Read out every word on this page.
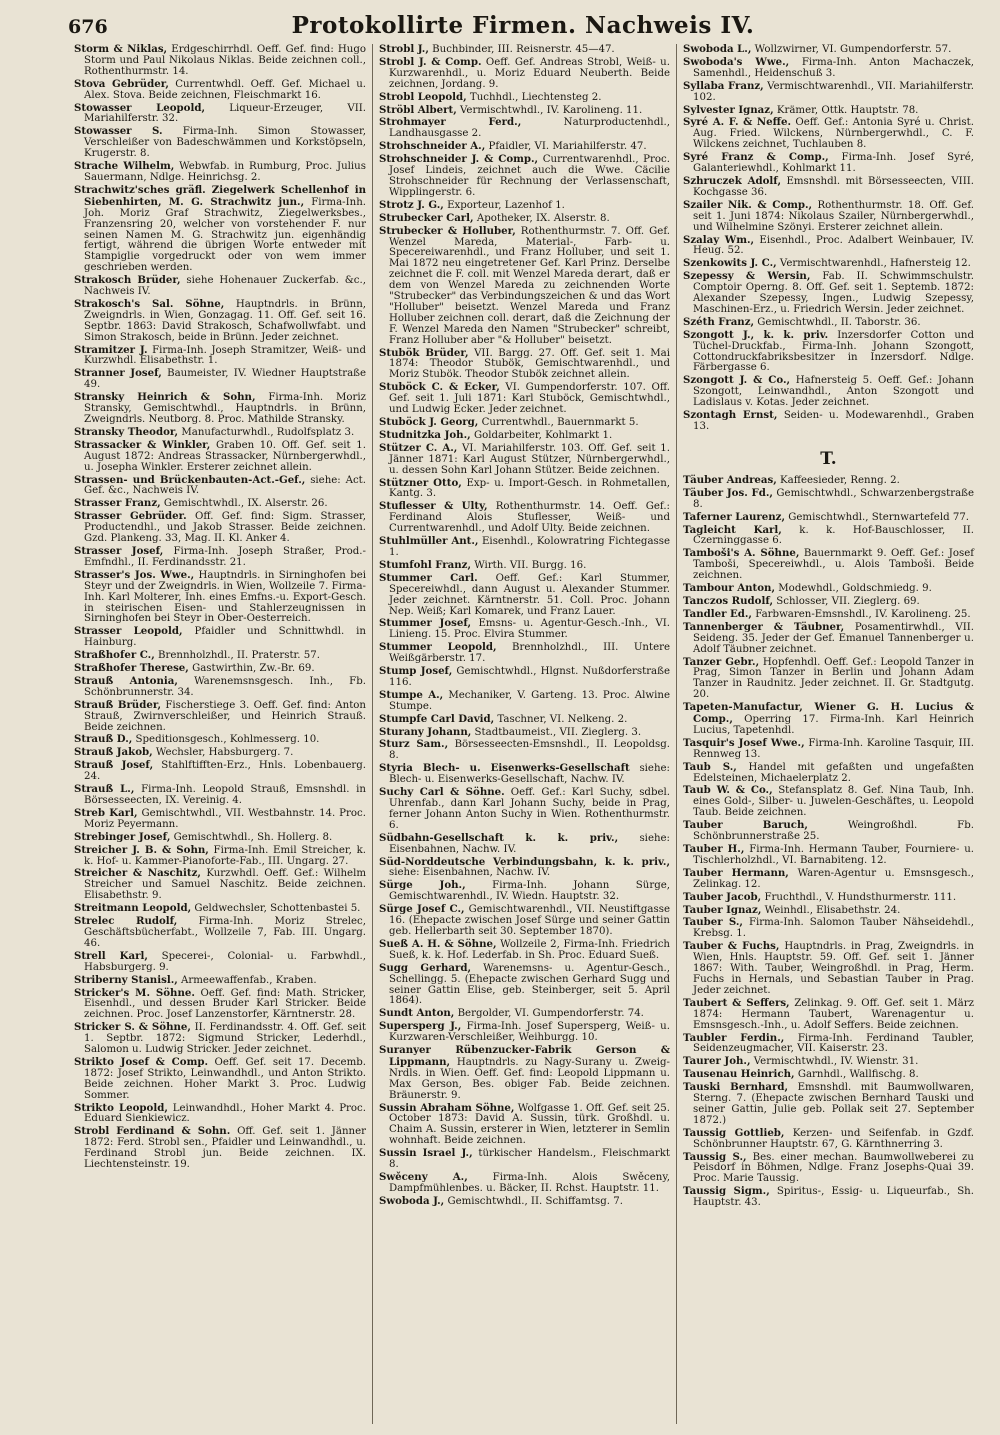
676	Protokollirte Firmen. Nachweis IV.
Storm & Niklas, Erdgeschirrhdl. Oeff. Gef. find: Hugo Storm und Paul Nikolaus Niklas. Beide zeichnen coll., Rothenthurmstr. 14.
Stova Gebrüder, Currentwhdl. Oeff. Gef. Michael u. Alex. Stova. Beide zeichnen, Fleischmarkt 16.
Stowasser Leopold, Liqueur-Erzeuger, VII. Mariahilferstr. 32.
Stowasser S. Firma-Inh. Simon Stowasser, Verschleißer von Badeschwämmen und Korkstöpseln, Krugerstr. 8.
Strache Wilhelm, Webwfab. in Rumburg, Proc. Julius Sauermann, Ndlge. Heinrichsg. 2.
Strachwitz'sches gräfl. Ziegelwerk Schellenhof in Siebenhirten, M. G. Strachwitz jun., Firma-Inh. Joh. Moriz Graf Strachwitz, Ziegelwerksbes., Franzensring 20, welcher von vorstehender F. nur seinen Namen M. G. Strachwitz jun. eigenhändig fertigt, während die übrigen Worte entweder mit Stampiglie vorgedruckt oder von wem immer geschrieben werden.
Strakosch Brüder, siehe Hohenauer Zuckerfab. &c., Nachweis IV.
Strakosch's Sal. Söhne, Hauptndrls. in Brünn, Zweigndrls. in Wien, Gonzagag. 11. Off. Gef. seit 16. Septbr. 1863: David Strakosch, Schafwollwfabt. und Simon Strakosch, beide in Brünn. Jeder zeichnet.
Stramitzer J. Firma-Inh. Joseph Stramitzer, Weiß- und Kurzwhdl. Elisabethstr. 1.
Stranner Josef, Baumeister, IV. Wiedner Hauptstraße 49.
Stransky Heinrich & Sohn, Firma-Inh. Moriz Stransky, Gemischtwhdl., Hauptndrls. in Brünn, Zweigndrls. Neutborg. 8. Proc. Mathilde Stransky.
Stransky Theodor, Manufacturwhdl., Rudolfsplatz 3.
Strassacker & Winkler, Graben 10. Off. Gef. seit 1. August 1872: Andreas Strassacker, Nürnbergerwhdl., u. Josepha Winkler. Ersterer zeichnet allein.
Strassen- und Brückenbauten-Act.-Gef., siehe: Act. Gef. &c., Nachweis IV.
Strasser Franz, Gemischtwhdl., IX. Alserstr. 26.
Strasser Gebrüder. Off. Gef. find: Sigm. Strasser, Productendhl., und Jakob Strasser. Beide zeichnen. Gzd. Plankeng. 33, Mag. II. Kl. Anker 4.
Strasser Josef, Firma-Inh. Joseph Straßer, Prod.-Emfndhl., II. Ferdinandsstr. 21.
Strasser's Jos. Wwe., Hauptndrls. in Sirninghofen bei Steyr und der Zweigndrls. in Wien, Wollzeile 7. Firma-Inh. Karl Molterer, Inh. eines Emfns.-u. Export-Gesch. in steirischen Eisen- und Stahlerzeugnissen in Sirninghofen bei Steyr in Ober-Oesterreich.
Strasser Leopold, Pfaidler und Schnittwhdl. in Hainburg.
Straßhofer C., Brennholzhdl., II. Praterstr. 57.
Straßhofer Therese, Gastwirthin, Zw.-Br. 69.
Strauß Antonia, Warenemsnsgesch. Inh., Fb. Schönbrunnerstr. 34.
Strauß Brüder, Fischerstiege 3. Oeff. Gef. find: Anton Strauß, Zwirnverschleißer, und Heinrich Strauß. Beide zeichnen.
Strauß D., Speditionsgesch., Kohlmesserg. 10.
Strauß Jakob, Wechsler, Habsburgerg. 7.
Strauß Josef, Stahlftifften-Erz., Hnls. Lobenbauerg. 24.
Strauß L., Firma-Inh. Leopold Strauß, Emsnshdl. in Börsesseecten, IX. Vereinig. 4.
Streb Karl, Gemischtwhdl., VII. Westbahnstr. 14. Proc. Moriz Peyermann.
Strebinger Josef, Gemischtwhdl., Sh. Hollerg. 8.
Streicher J. B. & Sohn, Firma-Inh. Emil Streicher, k. k. Hof- u. Kammer-Pianoforte-Fab., III. Ungarg. 27.
Streicher & Naschitz, Kurzwhdl. Oeff. Gef.: Wilhelm Streicher und Samuel Naschitz. Beide zeichnen. Elisabethstr. 9.
Streitmann Leopold, Geldwechsler, Schottenbastei 5.
Strelec Rudolf, Firma-Inh. Moriz Strelec, Geschäftsbücherfabt., Wollzeile 7, Fab. III. Ungarg. 46.
Strell Karl, Specerei-, Colonial- u. Farbwhdl., Habsburgerg. 9.
Striberny Stanisl., Armeewaffenfab., Kraben.
Stricker's M. Söhne. Oeff. Gef. find: Math. Stricker, Eisenhdl., und dessen Bruder Karl Stricker. Beide zeichnen. Proc. Josef Lanzenstorfer, Kärntnerstr. 28.
Stricker S. & Söhne, II. Ferdinandsstr. 4. Off. Gef. seit 1. Septbr. 1872: Sigmund Stricker, Lederhdl., Salomon u. Ludwig Stricker. Jeder zeichnet.
Strikto Josef & Comp. Oeff. Gef. seit 17. Decemb. 1872: Josef Strikto, Leinwandhdl., und Anton Strikto. Beide zeichnen. Hoher Markt 3. Proc. Ludwig Sommer.
Strikto Leopold, Leinwandhdl., Hoher Markt 4. Proc. Eduard Sienkiewicz.
Strobl Ferdinand & Sohn. Off. Gef. seit 1. Jänner 1872: Ferd. Strobl sen., Pfaidler und Leinwandhdl., u. Ferdinand Strobl jun. Beide zeichnen. IX. Liechtensteinstr. 19.
Strobl J., Buchbinder, III. Reisnerstr. 45—47.
Strobl J. & Comp. Oeff. Gef. Andreas Strobl, Weiß- u. Kurzwarenhdl., u. Moriz Eduard Neuberth. Beide zeichnen, Jordang. 9.
Strobl Leopold, Tuchhdl., Liechtensteg 2.
Ströbl Albert, Vermischtwhdl., IV. Karolineng. 11.
Strohmayer Ferd.,	Naturproductenhdl., Landhausgasse 2.
Strohschneider A., Pfaidler, VI. Mariahilferstr. 47.
Strohschneider J. & Comp., Currentwarenhdl., Proc. Josef Lindeis, zeichnet auch die Wwe. Cäcilie Strohschneider für Rechnung der Verlassenschaft, Wipplingerstr. 6.
Strotz J. G., Exporteur, Lazenhof 1.
Strubecker Carl, Apotheker, IX. Alserstr. 8.
Strubecker & Holluber, Rothenthurmstr. 7. Off. Gef. Wenzel Mareda, Material-, Farb- u. Specereiwarenhdl., und Franz Holluber, und seit 1. Mai 1872 neu eingetretener Gef. Karl Prinz. Derselbe zeichnet die F. coll. mit Wenzel Mareda derart, daß er dem von Wenzel Mareda zu zeichnenden Worte "Strubecker" das Verbindungszeichen & und das Wort "Holluber" beisetzt. Wenzel Mareda und Franz Holluber zeichnen coll. derart, daß die Zeichnung der F. Wenzel Mareda den Namen "Strubecker" schreibt, Franz Holluber aber "& Holluber" beisetzt.
Stubök Brüder, VII. Bargg. 27. Off. Gef. seit 1. Mai 1874: Theodor Stubök, Gemischtwarenhdl., und Moriz Stubök. Theodor Stubök zeichnet allein.
Stuböck C. & Ecker, VI. Gumpendorferstr. 107. Off. Gef. seit 1. Juli 1871: Karl Stuböck, Gemischtwhdl., und Ludwig Ecker. Jeder zeichnet.
Stuböck J. Georg, Currentwhdl., Bauernmarkt 5.
Studnitzka Joh., Goldarbeiter, Kohlmarkt 1.
Stützer C. A., VI. Mariahilferstr. 103. Off. Gef. seit 1. Jänner 1871: Karl August Stützer, Nürnbergerwhdl., u. dessen Sohn Karl Johann Stützer. Beide zeichnen.
Stützner Otto, Exp- u. Import-Gesch. in Rohmetallen, Kantg. 3.
Stuflesser & Ulty, Rothenthurmstr. 14. Oeff. Gef.: Ferdinand Alois Stuflesser, Weiß- und Currentwarenhdl., und Adolf Ulty. Beide zeichnen.
Stuhlmüller Ant., Eisenhdl., Kolowratring Fichtegasse 1.
Stumfohl Franz, Wirth. VII. Burgg. 16.
Stummer Carl. Oeff. Gef.: Karl Stummer, Specereiwhdl., dann August u. Alexander Stummer. Jeder zeichnet. Kärntnerstr. 51. Coll. Proc. Johann Nep. Weiß; Karl Komarek, und Franz Lauer.
Stummer Josef, Emsns- u. Agentur-Gesch.-Inh., VI. Linieng. 15. Proc. Elvira Stummer.
Stummer Leopold, Brennholzhdl., III. Untere Weißgärberstr. 17.
Stump Josef, Gemischtwhdl., Hlgnst. Nußdorferstraße 116.
Stumpe A., Mechaniker, V. Garteng. 13. Proc. Alwine Stumpe.
Stumpfe Carl David, Taschner, VI. Nelkeng. 2.
Sturany Johann, Stadtbaumeist., VII. Zieglerg. 3.
Sturz Sam., Börsesseecten-Emsnshdl., II. Leopoldsg. 8.
Styria Blech- u. Eisenwerks-Gesellschaft siehe: Blech- u. Eisenwerks-Gesellschaft, Nachw. IV.
Suchy Carl & Söhne. Oeff. Gef.: Karl Suchy, sdbel. Uhrenfab., dann Karl Johann Suchy, beide in Prag, ferner Johann Anton Suchy in Wien. Rothenthurmstr. 6.
Südbahn-Gesellschaft k. k. priv., siehe: Eisenbahnen, Nachw. IV.
Süd-Norddeutsche Verbindungsbahn, k. k. priv., siehe: Eisenbahnen, Nachw. IV.
Sürge Joh.,	Firma-Inh. Johann Sürge, Gemischtwarenhdl., IV. Wiedn. Hauptstr. 32.
Sürge Josef C., Gemischtwarenhdl., VII. Neustiftgasse 16. (Ehepacte zwischen Josef Sürge und seiner Gattin geb. Hellerbarth seit 30. September 1870).
Sueß A. H. & Söhne, Wollzeile 2, Firma-Inh. Friedrich Sueß, k. k. Hof. Lederfab. in Sh. Proc. Eduard Sueß.
Sugg Gerhard, Warenemsns- u. Agentur-Gesch., Schellingg. 5. (Ehepacte zwischen Gerhard Sugg und seiner Gattin Elise, geb. Steinberger, seit 5. April 1864).
Sundt Anton, Bergolder, VI. Gumpendorferstr. 74.
Supersperg J., Firma-Inh. Josef Supersperg, Weiß- u. Kurzwaren-Verschleißer, Weihburgg. 10.
Suranyer Rübenzucker-Fabrik Gerson & Lippmann, Hauptndrls. zu Nagy-Surany u. Zweig-Nrdls. in Wien. Oeff. Gef. find: Leopold Lippmann u. Max Gerson, Bes. obiger Fab. Beide zeichnen. Bräunerstr. 9.
Sussin Abraham Söhne, Wolfgasse 1. Off. Gef. seit 25. October 1873: David A. Sussin, türk. Großhdl. u. Chaim A. Sussin, ersterer in Wien, letzterer in Semlin wohnhaft. Beide zeichnen.
Sussin Israel J., türkischer Handelsm., Fleischmarkt 8.
Swěceny A., Firma-Inh. Alois Swěceny, Dampfmühlenbes. u. Bäcker, II. Rchst. Hauptstr. 11.
Swoboda J., Gemischtwhdl., II. Schiffamtsg. 7.
Swoboda L., Wollzwirner, VI. Gumpendorferstr. 57.
Swoboda's Wwe., Firma-Inh. Anton Machaczek, Samenhdl., Heidenschuß 3.
Syllaba Franz, Vermischtwarenhdl., VII. Mariahilferstr. 102.
Sylvester Ignaz, Krämer, Ottk. Hauptstr. 78.
Syré A. F. & Neffe. Oeff. Gef.: Antonia Syré u. Christ. Aug. Fried. Wilckens, Nürnbergerwhdl., C. F. Wilckens zeichnet, Tuchlauben 8.
Syré Franz & Comp., Firma-Inh. Josef Syré, Galanteriewhdl., Kohlmarkt 11.
Szhruczek Adolf, Emsnshdl. mit Börsesseecten, VIII. Kochgasse 36.
Szailer Nik. & Comp., Rothenthurmstr. 18. Off. Gef. seit 1. Juni 1874: Nikolaus Szailer, Nürnbergerwhdl., und Wilhelmine Szönyi. Ersterer zeichnet allein.
Szalay Wm., Eisenhdl., Proc. Adalbert Weinbauer, IV. Heug. 52.
Szenkowits J. C., Vermischtwarenhdl., Hafnersteig 12.
Szepessy & Wersin, Fab. II. Schwimmschulstr. Comptoir Operng. 8. Off. Gef. seit 1. Septemb. 1872: Alexander Szepessy, Ingen., Ludwig Szepessy, Maschinen-Erz., u. Friedrich Wersin. Jeder zeichnet.
Széth Franz, Gemischtwhdl., II. Taborstr. 36.
Szongott J., k. k. priv. Inzersdorfer Cotton und Tüchel-Druckfab., Firma-Inh. Johann Szongott, Cottondruckfabriksbesitzer in Inzersdorf. Ndlge. Färbergasse 6.
Szongott J. & Co., Hafnersteig 5. Oeff. Gef.: Johann Szongott, Leinwandhdl., Anton Szongott und Ladislaus v. Kotas. Jeder zeichnet.
Szontagh Ernst, Seiden- u. Modewarenhdl., Graben 13.
T.
Täuber Andreas, Kaffeesieder, Renng. 2.
Täuber Jos. Fd., Gemischtwhdl., Schwarzenbergstraße 8.
Taferner Laurenz, Gemischtwhdl., Sternwartefeld 77.
Tagleicht Karl, k. k. Hof-Bauschlosser, II. Czerninggasse 6.
Tamboši's A. Söhne, Bauernmarkt 9. Oeff. Gef.: Josef Tamboši, Specereiwhdl., u. Alois Tamboši. Beide zeichnen.
Tambour Anton, Modewhdl., Goldschmiedg. 9.
Tanczos Rudolf, Schlosser, VII. Zieglerg. 69.
Tandler Ed., Farbwaren-Emsnshdl., IV. Karolineng. 25.
Tannenberger & Täubner, Posamentirwhdl., VII. Seideng. 35. Jeder der Gef. Emanuel Tannenberger u. Adolf Täubner zeichnet.
Tanzer Gebr., Hopfenhdl. Oeff. Gef.: Leopold Tanzer in Prag, Simon Tanzer in Berlin und Johann Adam Tanzer in Raudnitz. Jeder zeichnet. II. Gr. Stadtgutg. 20.
Tapeten-Manufactur, Wiener G. H. Lucius & Comp., Operring 17. Firma-Inh. Karl Heinrich Lucius, Tapetenhdl.
Tasquir's Josef Wwe., Firma-Inh. Karoline Tasquir, III. Rennweg 13.
Taub S., Handel mit gefaßten und ungefaßten Edelsteinen, Michaelerplatz 2.
Taub W. & Co., Stefansplatz 8. Gef. Nina Taub, Inh. eines Gold-, Silber- u. Juwelen-Geschäftes, u. Leopold Taub. Beide zeichnen.
Tauber Baruch,	Weingroßhdl. Fb. Schönbrunnerstraße 25.
Tauber H., Firma-Inh. Hermann Tauber, Fourniere- u. Tischlerholzhdl., VI. Barnabiteng. 12.
Tauber Hermann, Waren-Agentur u. Emsnsgesch., Zelinkag. 12.
Tauber Jacob, Fruchthdl., V. Hundsthurmerstr. 111.
Tauber Ignaz, Weinhdl., Elisabethstr. 24.
Tauber S., Firma-Inh. Salomon Tauber Nähseidehdl., Krebsg. 1.
Tauber & Fuchs, Hauptndrls. in Prag, Zweigndrls. in Wien, Hnls. Hauptstr. 59. Off. Gef. seit 1. Jänner 1867: With. Tauber, Weingroßhdl. in Prag, Herm. Fuchs in Hernals, und Sebastian Tauber in Prag. Jeder zeichnet.
Taubert & Seffers, Zelinkag. 9. Off. Gef. seit 1. März 1874: Hermann Taubert, Warenagentur u. Emsnsgesch.-Inh., u. Adolf Seffers. Beide zeichnen.
Taubler Ferdin., Firma-Inh. Ferdinand Taubler, Seidenzeugmacher, VII. Kaiserstr. 23.
Taurer Joh., Vermischtwhdl., IV. Wienstr. 31.
Tausenau Heinrich, Garnhdl., Wallfischg. 8.
Tauski Bernhard, Emsnshdl. mit Baumwollwaren, Sterng. 7. (Ehepacte zwischen Bernhard Tauski und seiner Gattin, Julie geb. Pollak seit 27. September 1872.)
Taussig Gottlieb, Kerzen- und Seifenfab. in Gzdf. Schönbrunner Hauptstr. 67, G. Kärnthnerring 3.
Taussig S., Bes. einer mechan. Baumwollweberei zu Peisdorf in Böhmen, Ndlge. Franz Josephs-Quai 39. Proc. Marie Taussig.
Taussig Sigm., Spiritus-, Essig- u. Liqueurfab., Sh. Hauptstr. 43.
